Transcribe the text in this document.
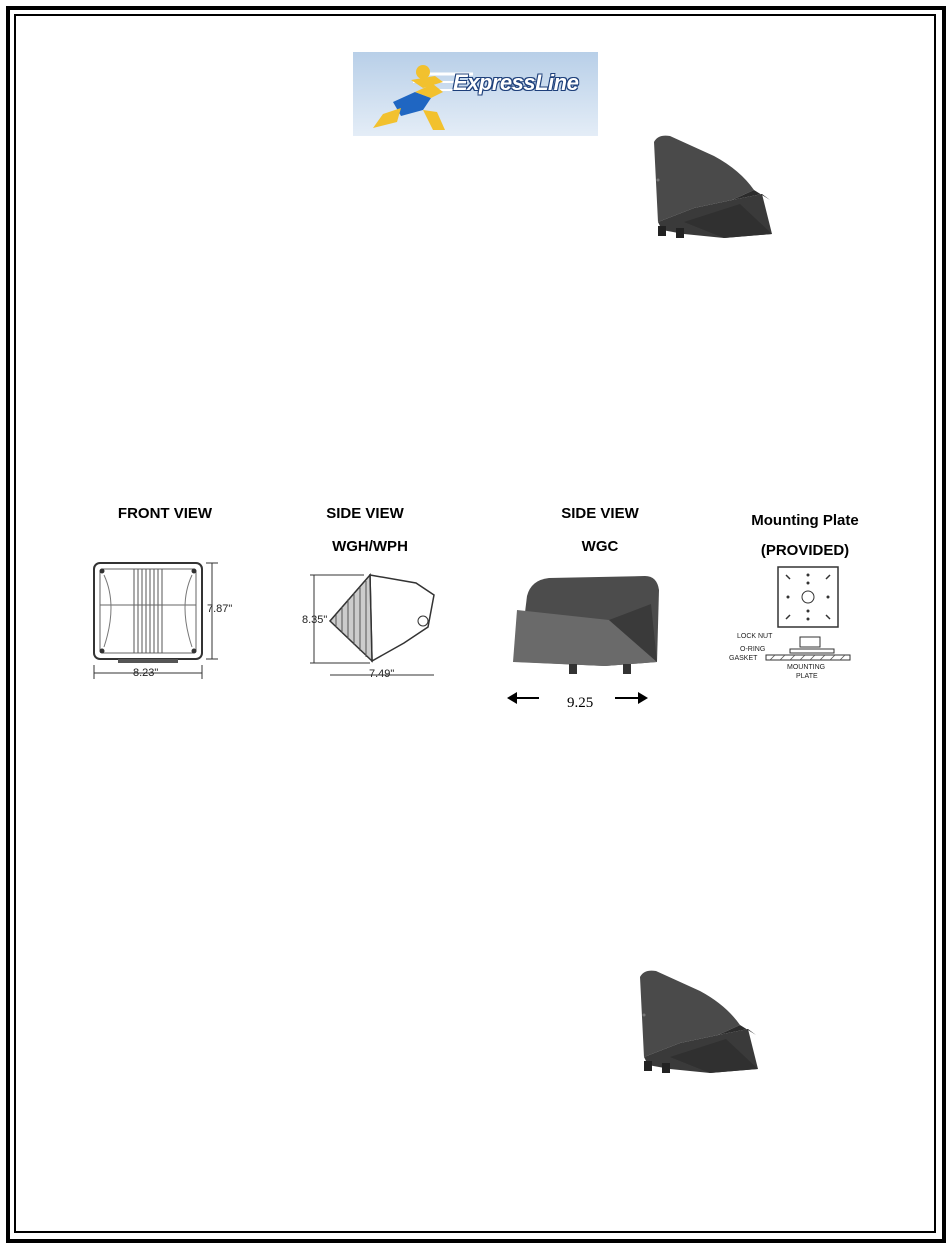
ExpressLine
FRONT VIEW
7.87"
8.23"
SIDE VIEW
WGH/WPH
8.35"
7.49"
SIDE VIEW
WGC
9.25
Mounting Plate
(PROVIDED)
LOCK NUT
O-RING
GASKET
MOUNTING
PLATE
